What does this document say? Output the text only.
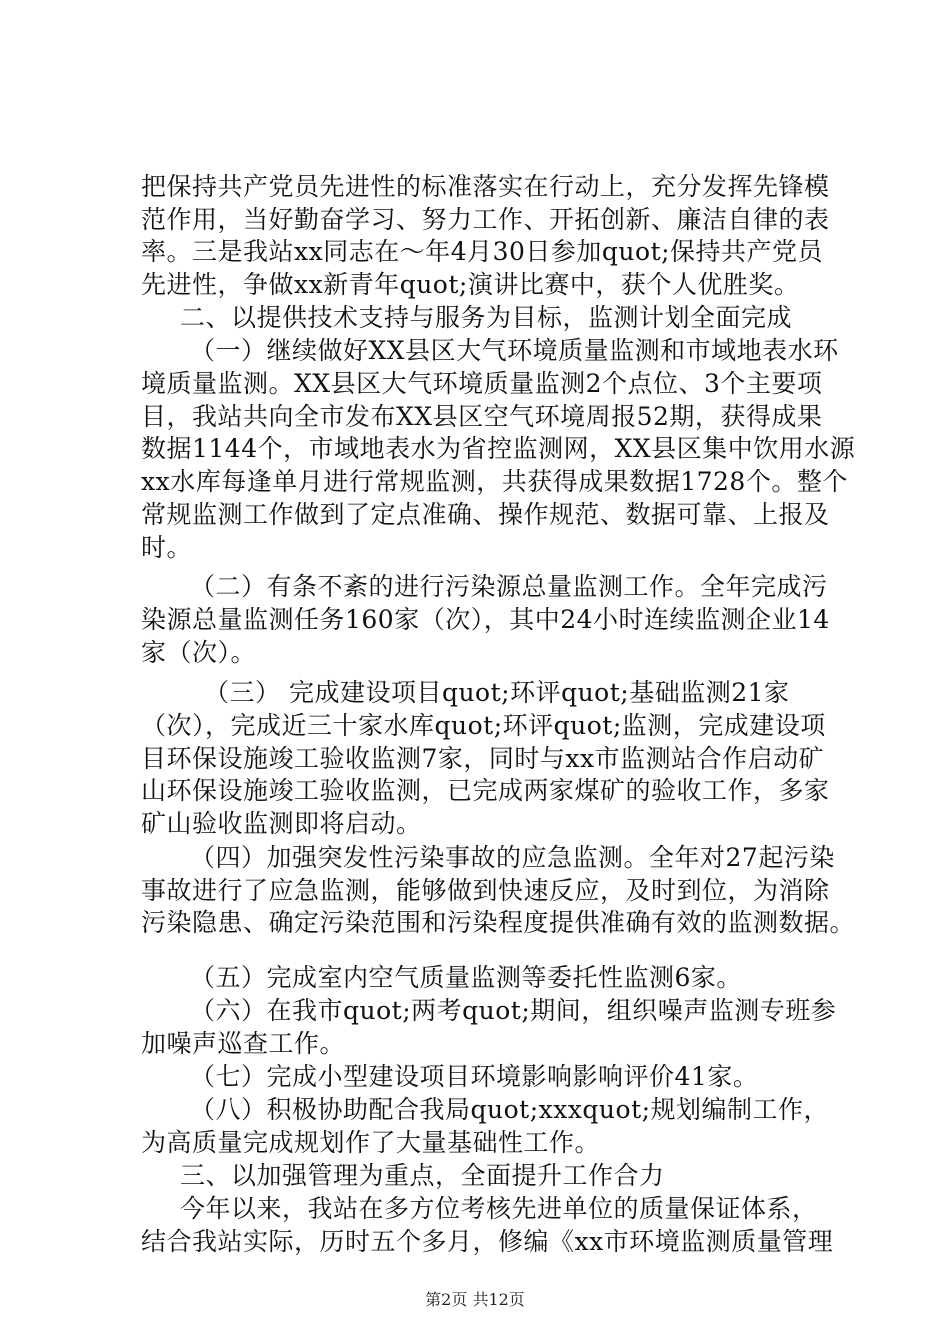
把保持共产党员先进性的标准落实在行动上，充分发挥先锋模
范作用，当好勤奋学习、努力工作、开拓创新、廉洁自律的表
率。三是我站xx同志在～年4月30日参加quot;保持共产党员
先进性，争做xx新青年quot;演讲比赛中，获个人优胜奖。
二、以提供技术支持与服务为目标，监测计划全面完成
（一）继续做好XX县区大气环境质量监测和市域地表水环
境质量监测。XX县区大气环境质量监测2个点位、3个主要项
目，我站共向全市发布XX县区空气环境周报52期，获得成果
数据1144个，市域地表水为省控监测网，XX县区集中饮用水源
xx水库每逢单月进行常规监测，共获得成果数据1728个。整个
常规监测工作做到了定点准确、操作规范、数据可靠、上报及
时。
（二）有条不紊的进行污染源总量监测工作。全年完成污
染源总量监测任务160家（次），其中24小时连续监测企业14
家（次）。
（三） 完成建设项目quot;环评quot;基础监测21家
（次），完成近三十家水库quot;环评quot;监测，完成建设项
目环保设施竣工验收监测7家，同时与xx市监测站合作启动矿
山环保设施竣工验收监测，已完成两家煤矿的验收工作，多家
矿山验收监测即将启动。
（四）加强突发性污染事故的应急监测。全年对27起污染
事故进行了应急监测，能够做到快速反应，及时到位，为消除
污染隐患、确定污染范围和污染程度提供准确有效的监测数据。
（五）完成室内空气质量监测等委托性监测6家。
（六）在我市quot;两考quot;期间，组织噪声监测专班参
加噪声巡查工作。
（七）完成小型建设项目环境影响影响评价41家。
（八）积极协助配合我局quot;xxxquot;规划编制工作，
为高质量完成规划作了大量基础性工作。
三、以加强管理为重点，全面提升工作合力
今年以来，我站在多方位考核先进单位的质量保证体系，
结合我站实际，历时五个多月，修编《xx市环境监测质量管理
第2页 共12页
